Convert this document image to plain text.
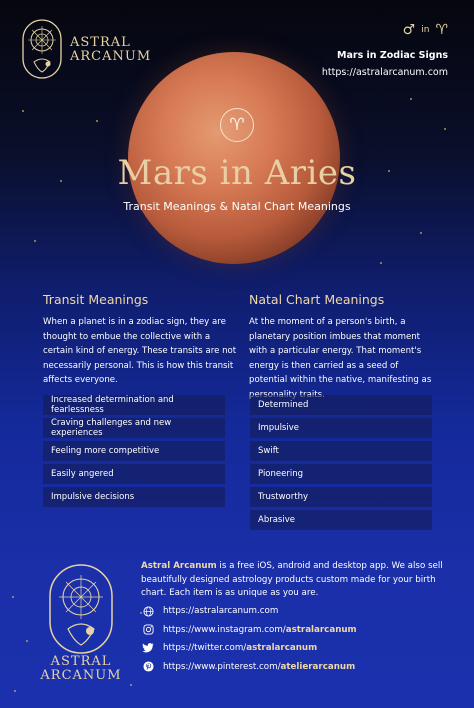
ASTRAL
ARCANUM
♂ in ♈
Mars in Zodiac Signs
https://astralarcanum.com
♈
Mars in Aries
Transit Meanings & Natal Chart Meanings
Transit Meanings

When a planet is in a zodiac sign, they are thought to embue the collective with a certain kind of energy. These transits are not necessarily personal. This is how this transit affects everyone.

Natal Chart Meanings

At the moment of a person's birth, a planetary position imbues that moment with a particular energy. That moment's energy is then carried as a seed of potential within the native, manifesting as

Increased determination and fearlessness
Craving challenges and new experiences
Feeling more competitive
Easily angered
Impulsive decisions
Determined
Impulsive
Swift
Pioneering
Trustworthy
Abrasive
ASTRAL
ARCANUM
Astral Arcanum is a free iOS, android and desktop app. We also sell beautifully designed astrology products custom made for your birth chart. Each item is as unique as you are.
https://astralarcanum.com
https://www.instagram.com/ astralarcanum
https://twitter.com/ astralarcanum
https://www.pinterest.com/ atelierarcanum
